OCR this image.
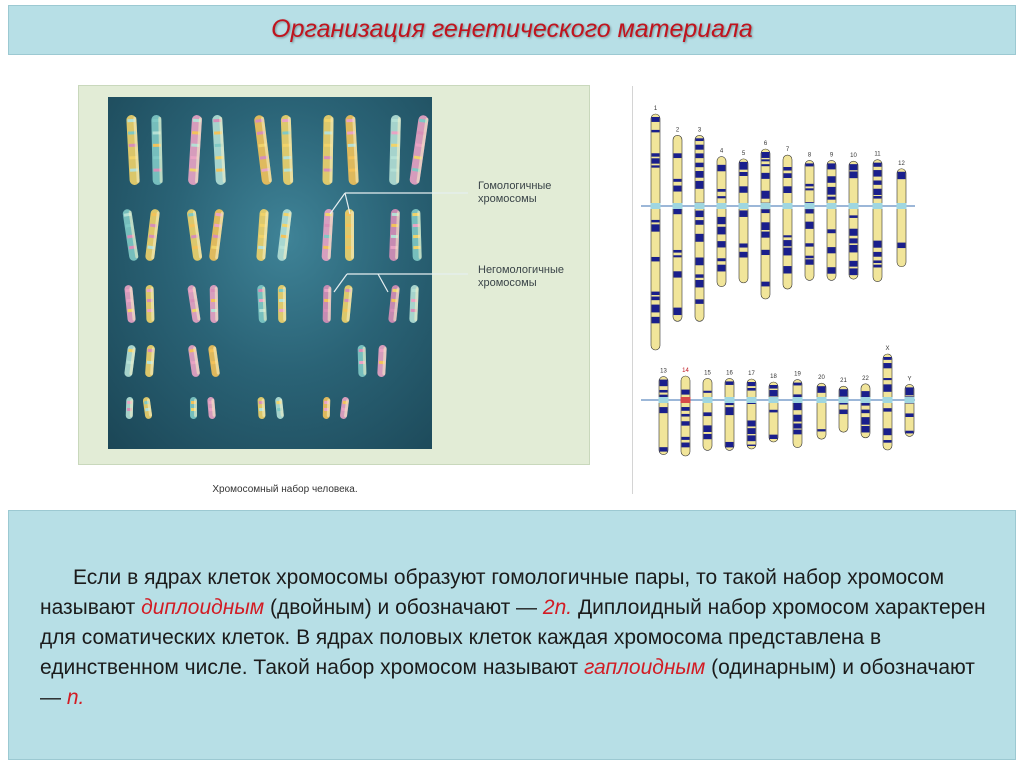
Организация генетического материала
Гомологичные
хромосомы
Негомологичные
хромосомы
Хромосомный набор человека.
1
2	3
4	5
6
7
8	9	10	11
12
13	14	15	16	17	18	19
20	21	22
X
Y
Если в ядрах клеток хромосомы образуют гомологичные пары, то такой набор хромосом называют диплоидным (двойным) и обозначают — 2n. Диплоидный набор хромосом характерен для соматических клеток. В ядрах половых клеток каждая хромосома представлена в единственном числе. Такой набор хромосом называют гаплоидным (одинарным) и обозначают — n.
